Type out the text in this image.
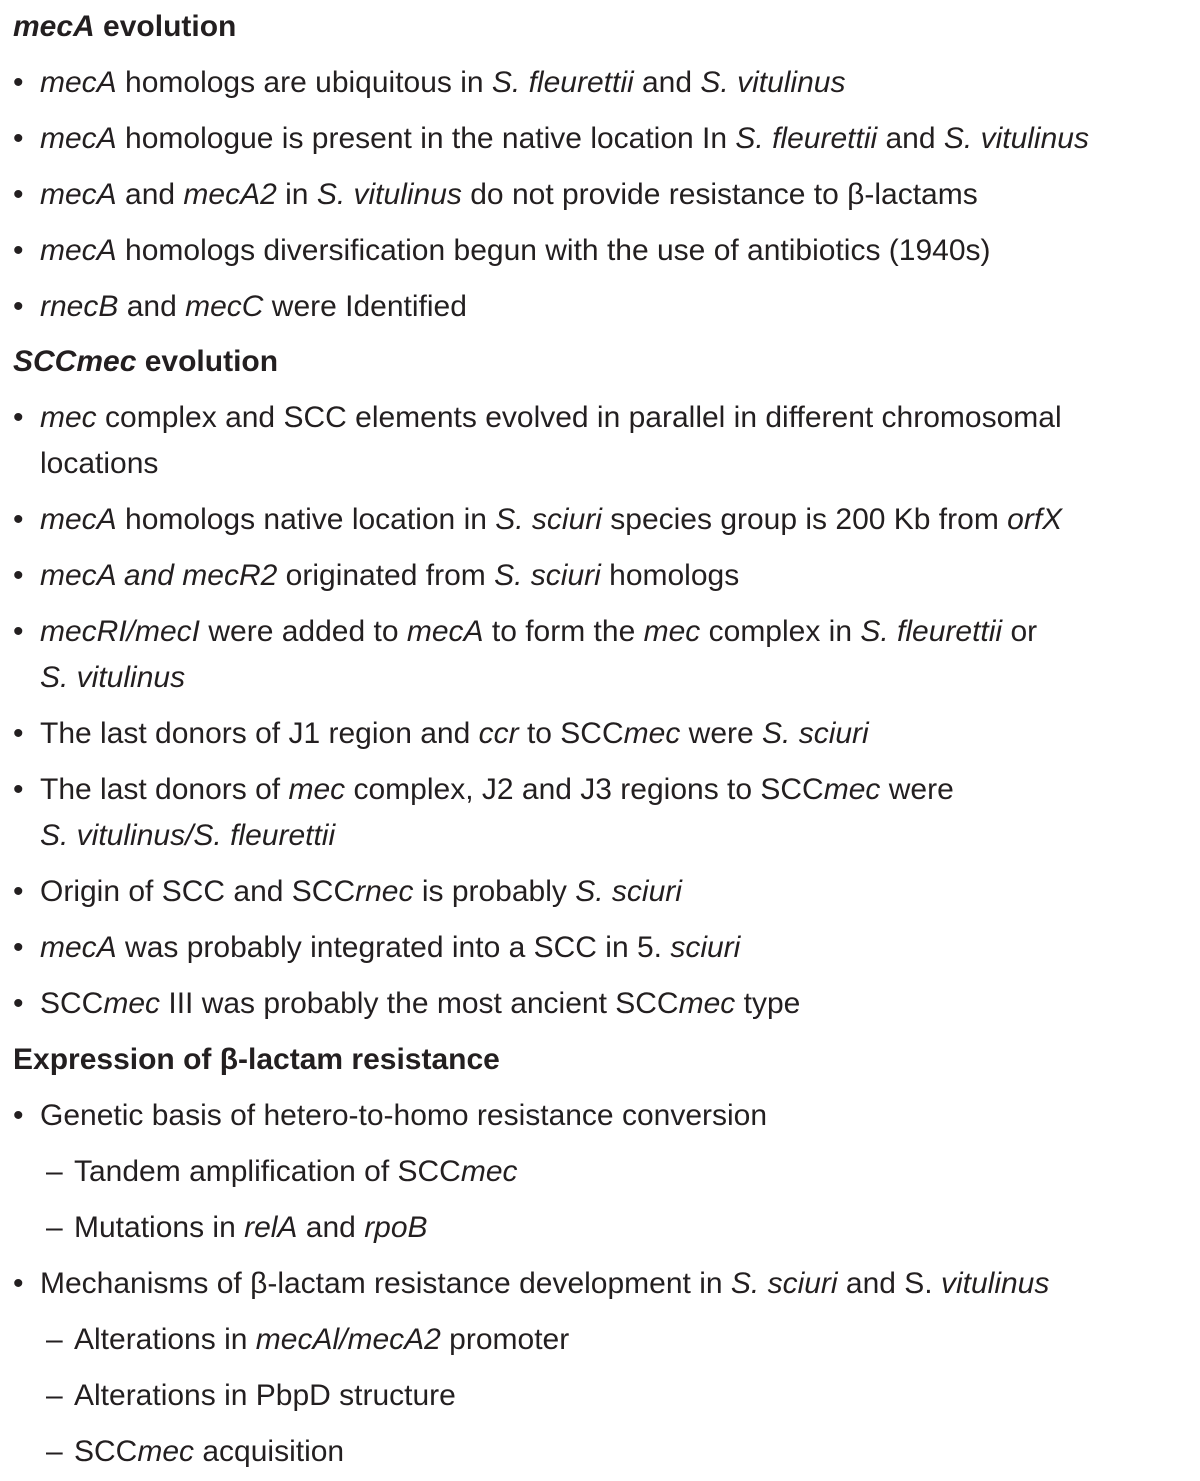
mecA evolution
• mecA homologs are ubiquitous in S. fleurettii and S. vitulinus
• mecA homologue is present in the native location In S. fleurettii and S. vitulinus
• mecA and mecA2 in S. vitulinus do not provide resistance to β-lactams
• mecA homologs diversification begun with the use of antibiotics (1940s)
• rnecB and mecC were Identified
SCCmec evolution
• mec complex and SCC elements evolved in parallel in different chromosomal
locations
• mecA homologs native location in S. sciuri species group is 200 Kb from orfX
• mecA and mecR2 originated from S. sciuri homologs
• mecRI/mecI were added to mecA to form the mec complex in S. fleurettii or
S. vitulinus
• The last donors of J1 region and ccr to SCCmec were S. sciuri
• The last donors of mec complex, J2 and J3 regions to SCCmec were
S. vitulinus/S. fleurettii
• Origin of SCC and SCCrnec is probably S. sciuri
• mecA was probably integrated into a SCC in 5. sciuri
• SCCmec III was probably the most ancient SCCmec type
Expression of β-lactam resistance
• Genetic basis of hetero-to-homo resistance conversion
– Tandem amplification of SCCmec
– Mutations in relA and rpoB
• Mechanisms of β-lactam resistance development in S. sciuri and S. vitulinus
– Alterations in mecAl/mecA2 promoter
– Alterations in PbpD structure
– SCCmec acquisition
